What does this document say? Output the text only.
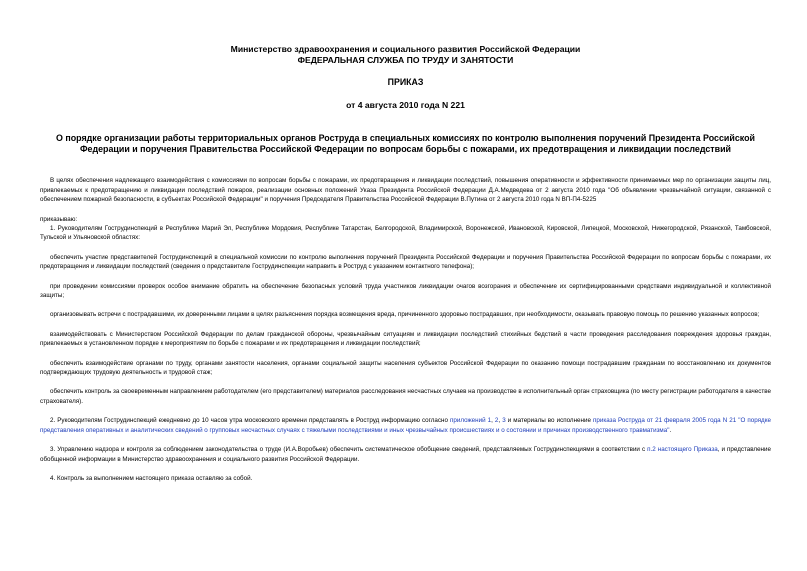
Министерство здравоохранения и социального развития Российской Федерации
ФЕДЕРАЛЬНАЯ СЛУЖБА ПО ТРУДУ И ЗАНЯТОСТИ
ПРИКАЗ
от 4 августа 2010 года N 221
О порядке организации работы территориальных органов Роструда в специальных комиссиях по контролю выполнения поручений Президента Российской Федерации и поручения Правительства Российской Федерации по вопросам борьбы с пожарами, их предотвращения и ликвидации последствий

В целях обеспечения надлежащего взаимодействия с комиссиями по вопросам борьбы с пожарами, их предотвращения и ликвидации последствий, повышения оперативности и эффективности принимаемых мер по организации защиты лиц, привлекаемых к предотвращению и ликвидации последствий пожаров, реализации основных положений Указа Президента Российской Федерации Д.А.Медведева от 2 августа 2010 года "Об объявлении чрезвычайной ситуации, связанной с обеспечением пожарной безопасности, в субъектах Российской Федерации" и поручения Председателя Правительства Российской Федерации В.Путина от 2 августа 2010 года N ВП-П4-5225

приказываю:

1. Руководителям Гострудинспекций в Республике Марий Эл, Республике Мордовия, Республике Татарстан, Белгородской, Владимирской, Воронежской, Ивановской, Кировской, Липецкой, Московской, Нижегородской, Рязанской, Тамбовской, Тульской и Ульяновской областях:

обеспечить участие представителей Гострудинспекций в специальной комиссии по контролю выполнения поручений Президента Российской Федерации и поручения Правительства Российской Федерации по вопросам борьбы с пожарами, их предотвращения и ликвидации последствий (сведения о представителе Гострудинспекции направить в Роструд с указанием контактного телефона);

при проведении комиссиями проверок особое внимание обратить на обеспечение безопасных условий труда участников ликвидации очагов возгорания и обеспечение их сертифицированными средствами индивидуальной и коллективной защиты;

организовывать встречи с пострадавшими, их доверенными лицами в целях разъяснения порядка возмещения вреда, причиненного здоровью пострадавших, при необходимости, оказывать правовую помощь по решению указанных вопросов;

взаимодействовать с Министерством Российской Федерации по делам гражданской обороны, чрезвычайным ситуациям и ликвидации последствий стихийных бедствий в части проведения расследования повреждения здоровья граждан, привлекаемых в установленном порядке к мероприятиям по борьбе с пожарами и их предотвращения и ликвидации последствий;

обеспечить взаимодействие органами по труду, органами занятости населения, органами социальной защиты населения субъектов Российской Федерации по оказанию помощи пострадавшим гражданам по восстановлению их документов подтверждающих трудовую деятельность и трудовой стаж;

обеспечить контроль за своевременным направлением работодателем (его представителем) материалов расследования несчастных случаев на производстве в исполнительный орган страховщика (по месту регистрации работодателя в качестве страхователя).

2. Руководителям Гострудинспекций ежедневно до 10 часов утра московского времени представлять в Роструд информацию согласно приложений 1, 2, 3 и материалы во исполнение приказа Роструда от 21 февраля 2005 года N 21 "О порядке представления оперативных и аналитических сведений о групповых несчастных случаях с тяжелыми последствиями и иных чрезвычайных происшествиях и о состоянии и причинах производственного травматизма".

3. Управлению надзора и контроля за соблюдением законодательства о труде (И.А.Воробьев) обеспечить систематическое обобщение сведений, представляемых Гострудинспекциями в соответствии с п.2 настоящего Приказа, и представление обобщенной информации в Министерство здравоохранения и социального развития Российской Федерации.

4. Контроль за выполнением настоящего приказа оставляю за собой.
